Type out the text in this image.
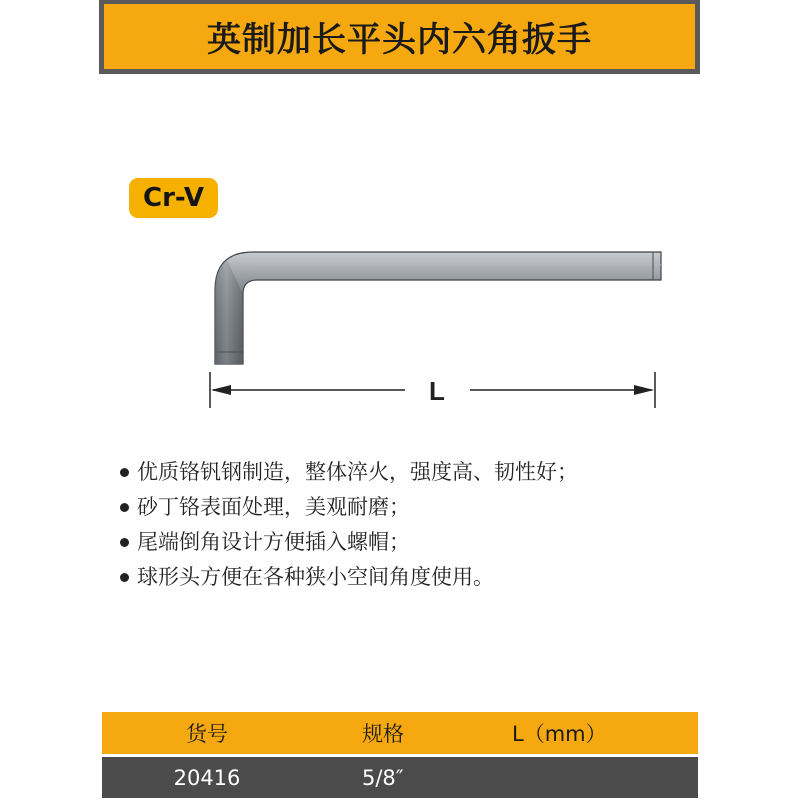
英制加长平头内六角扳手
Cr-V
L
优质铬钒钢制造，整体淬火，强度高、韧性好；
砂丁铬表面处理，美观耐磨；
尾端倒角设计方便插入螺帽；
球形头方便在各种狭小空间角度使用。
货号	规格	L（mm）
20416	5/8″
